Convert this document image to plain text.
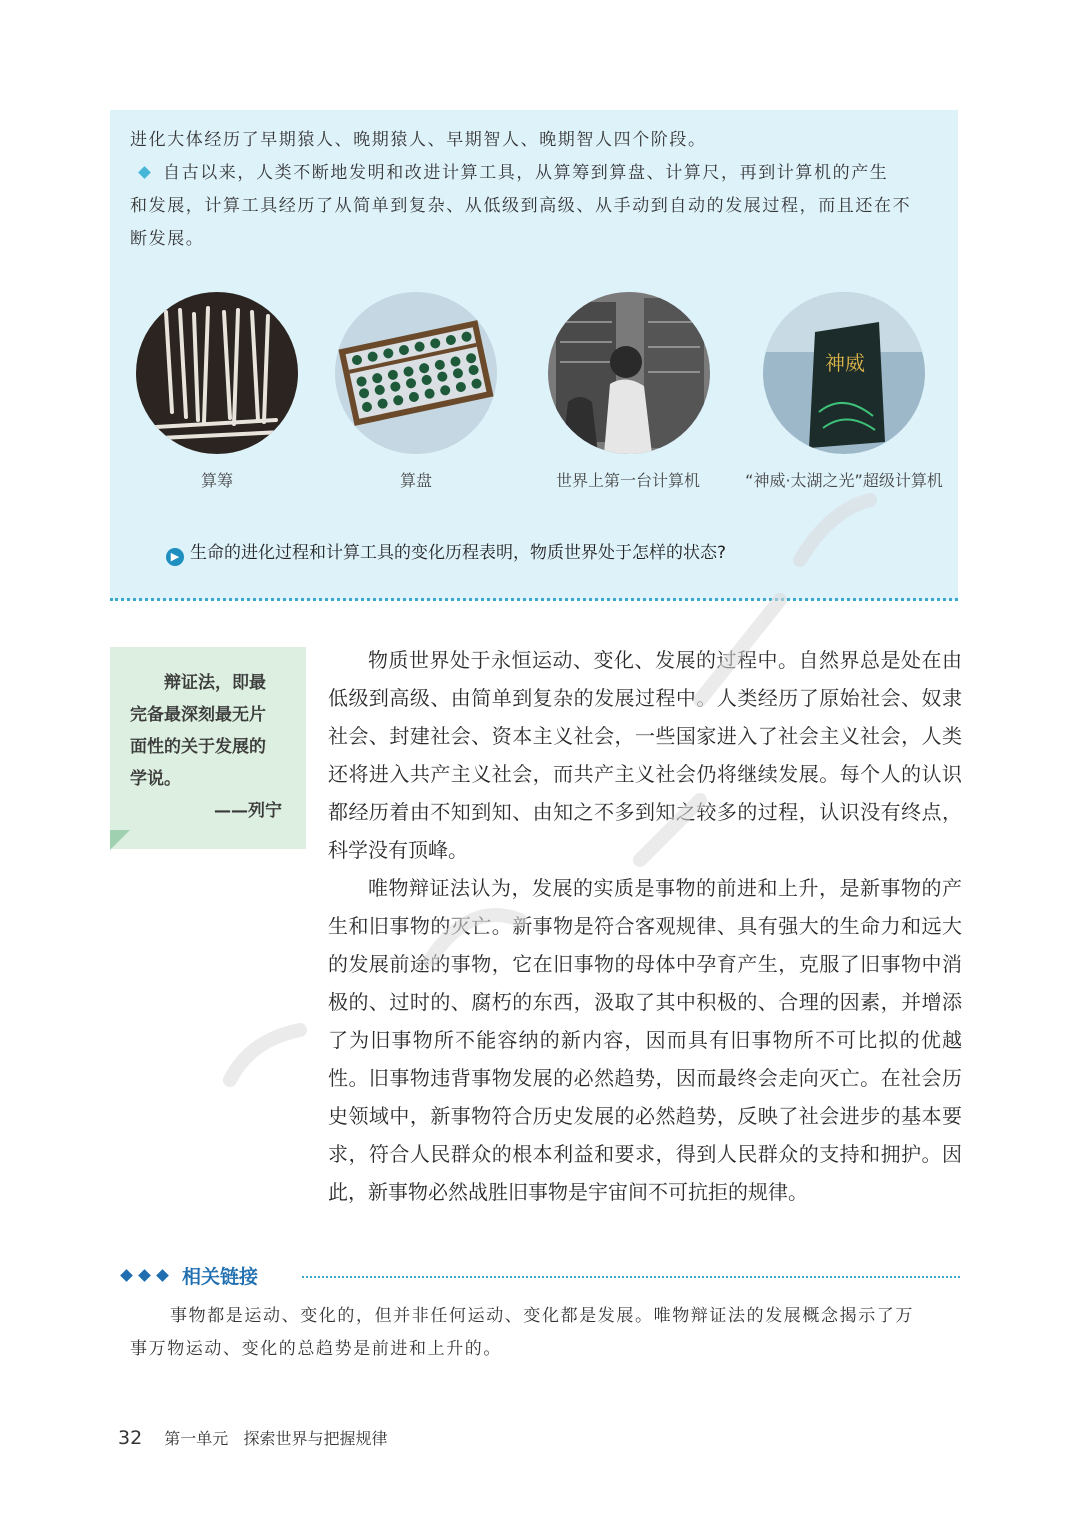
进化大体经历了早期猿人、晚期猿人、早期智人、晚期智人四个阶段。
自古以来，人类不断地发明和改进计算工具，从算筹到算盘、计算尺，再到计算机的产生
和发展，计算工具经历了从简单到复杂、从低级到高级、从手动到自动的发展过程，而且还在不
断发展。
神威
算筹	算盘	世界上第一台计算机	“神威·太湖之光”超级计算机
▶ 生命的进化过程和计算工具的变化历程表明，物质世界处于怎样的状态?
辩证法，即最
完备最深刻最无片
面性的关于发展的
学说。
——列宁

物质世界处于永恒运动、变化、发展的过程中。自然界总是处在由低级到高级、由简单到复杂的发展过程中。人类经历了原始社会、奴隶社会、封建社会、资本主义社会，一些国家进入了社会主义社会，人类还将进入共产主义社会，而共产主义社会仍将继续发展。每个人的认识都经历着由不知到知、由知之不多到知之较多的过程，认识没有终点，科学没有顶峰。

唯物辩证法认为，发展的实质是事物的前进和上升，是新事物的产生和旧事物的灭亡。新事物是符合客观规律、具有强大的生命力和远大的发展前途的事物，它在旧事物的母体中孕育产生，克服了旧事物中消极的、过时的、腐朽的东西，汲取了其中积极的、合理的因素，并增添了为旧事物所不能容纳的新内容，因而具有旧事物所不可比拟的优越性。旧事物违背事物发展的必然趋势，因而最终会走向灭亡。在社会历史领域中，新事物符合历史发展的必然趋势，反映了社会进步的基本要求，符合人民群众的根本利益和要求，得到人民群众的支持和拥护。因此，新事物必然战胜旧事物是宇宙间不可抗拒的规律。

相关链接
事物都是运动、变化的，但并非任何运动、变化都是发展。唯物辩证法的发展概念揭示了万
事万物运动、变化的总趋势是前进和上升的。
32 第一单元 探索世界与把握规律
